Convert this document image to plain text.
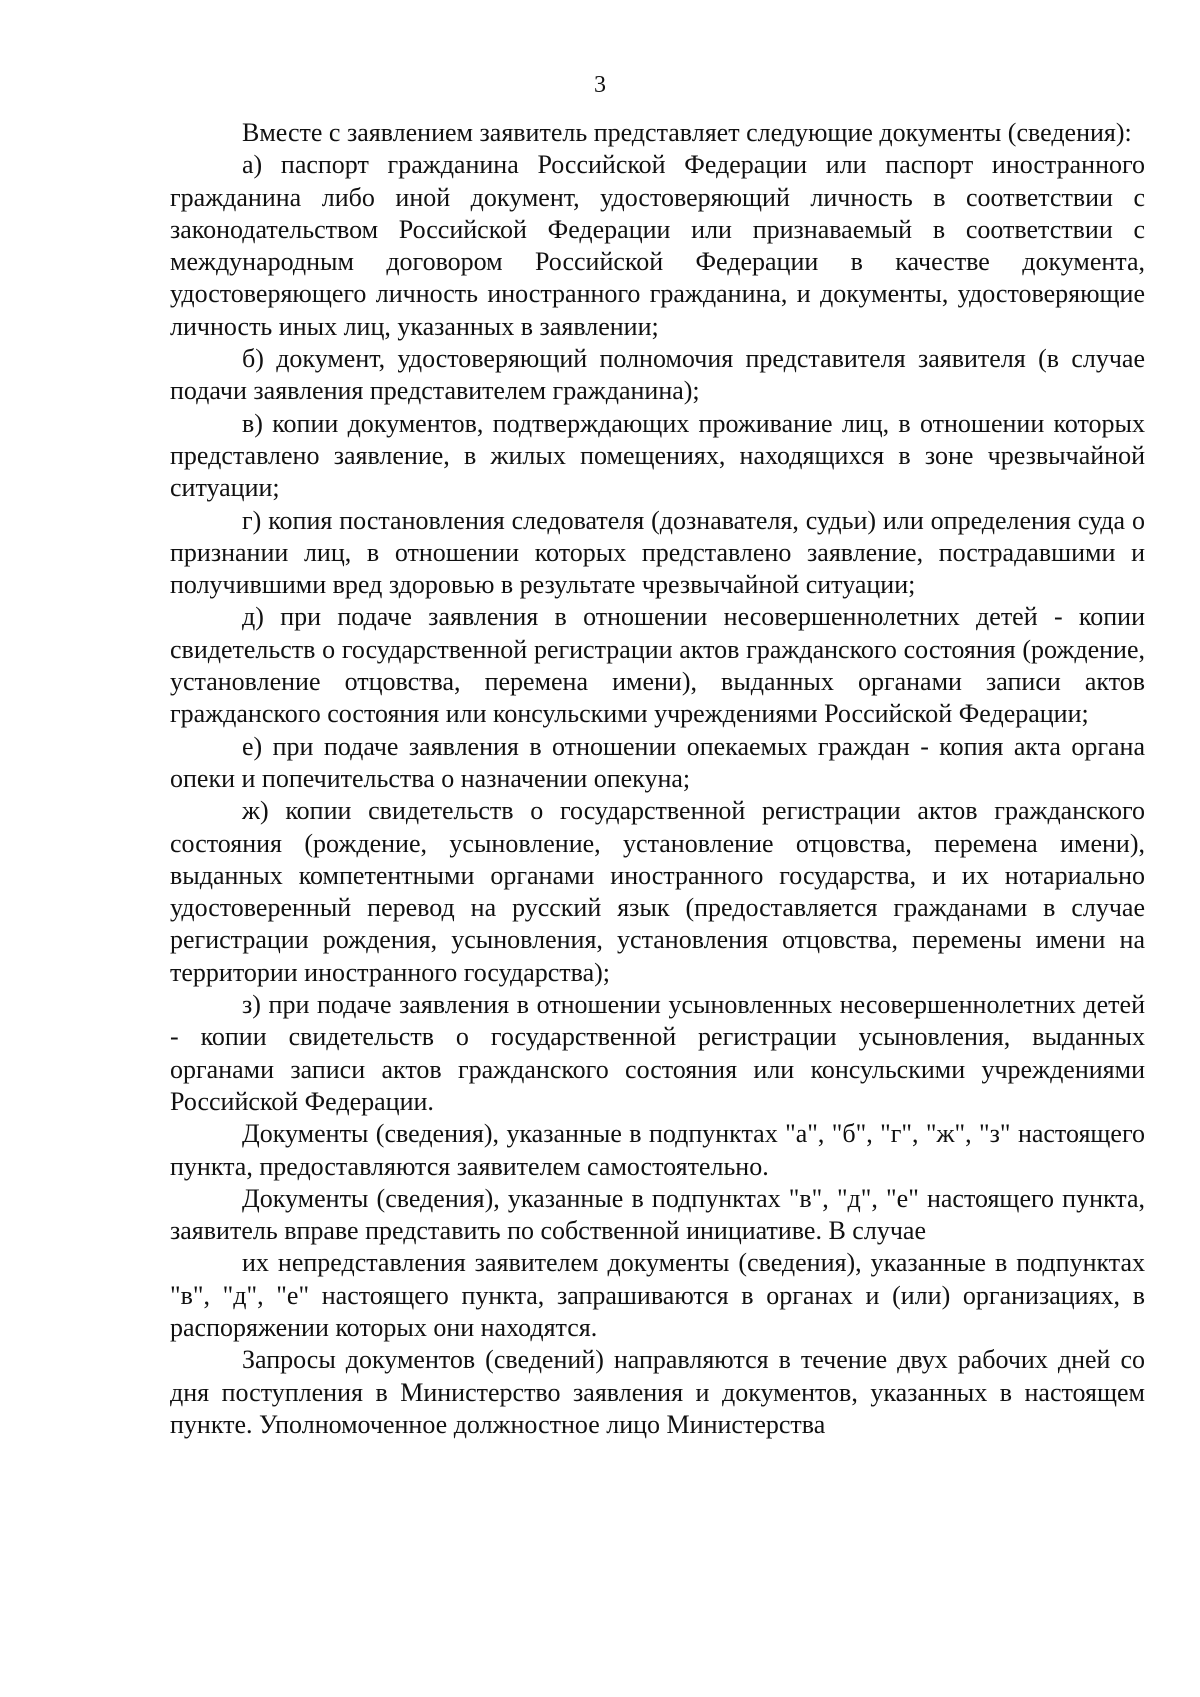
3

Вместе с заявлением заявитель представляет следующие документы (сведения):

а) паспорт гражданина Российской Федерации или паспорт иностранного гражданина либо иной документ, удостоверяющий личность в соответствии с законодательством Российской Федерации или признаваемый в соответствии с международным договором Российской Федерации в качестве документа, удостоверяющего личность иностранного гражданина, и документы, удостоверяющие личность иных лиц, указанных в заявлении;

б) документ, удостоверяющий полномочия представителя заявителя (в случае подачи заявления представителем гражданина);

в) копии документов, подтверждающих проживание лиц, в отношении которых представлено заявление, в жилых помещениях, находящихся в зоне чрезвычайной ситуации;

г) копия постановления следователя (дознавателя, судьи) или определения суда о признании лиц, в отношении которых представлено заявление, пострадавшими и получившими вред здоровью в результате чрезвычайной ситуации;

д) при подаче заявления в отношении несовершеннолетних детей - копии свидетельств о государственной регистрации актов гражданского состояния (рождение, установление отцовства, перемена имени), выданных органами записи актов гражданского состояния или консульскими учреждениями Российской Федерации;

е) при подаче заявления в отношении опекаемых граждан - копия акта органа опеки и попечительства о назначении опекуна;

ж) копии свидетельств о государственной регистрации актов гражданского состояния (рождение, усыновление, установление отцовства, перемена имени), выданных компетентными органами иностранного государства, и их нотариально удостоверенный перевод на русский язык (предоставляется гражданами в случае регистрации рождения, усыновления, установления отцовства, перемены имени на территории иностранного государства);

з) при подаче заявления в отношении усыновленных несовершеннолетних детей - копии свидетельств о государственной регистрации усыновления, выданных органами записи актов гражданского состояния или консульскими учреждениями Российской Федерации.

Документы (сведения), указанные в подпунктах "а", "б", "г", "ж", "з" настоящего пункта, предоставляются заявителем самостоятельно.

Документы (сведения), указанные в подпунктах "в", "д", "е" настоящего пункта, заявитель вправе представить по собственной инициативе. В случае

их непредставления заявителем документы (сведения), указанные в подпунктах "в", "д", "е" настоящего пункта, запрашиваются в органах и (или) организациях, в распоряжении которых они находятся.

Запросы документов (сведений) направляются в течение двух рабочих дней со дня поступления в Министерство заявления и документов, указанных в настоящем пункте. Уполномоченное должностное лицо Министерства
